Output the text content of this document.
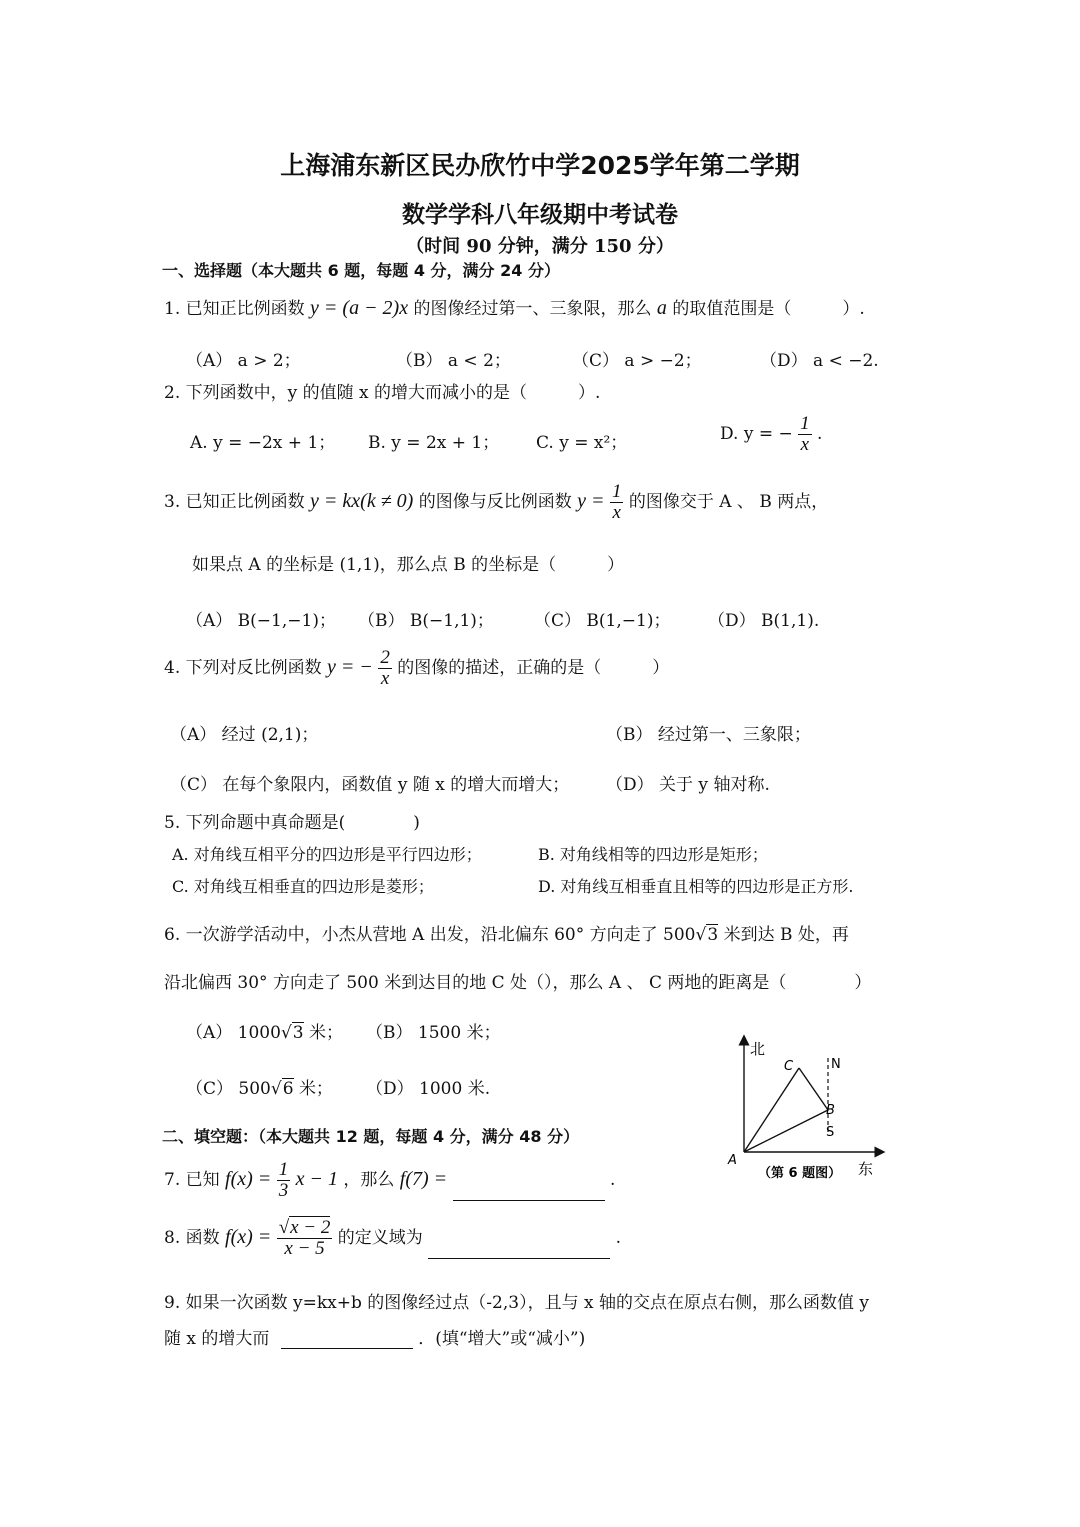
上海浦东新区民办欣竹中学2025学年第二学期
数学学科八年级期中考试卷
（时间 90 分钟，满分 150 分）
一、选择题（本大题共 6 题，每题 4 分，满分 24 分）
1. 已知正比例函数 y = (a − 2)x 的图像经过第一、三象限，那么 a 的取值范围是（　　　）.
（A） a > 2；	（B） a < 2；	（C） a > −2；	（D） a < −2.
2. 下列函数中，y 的值随 x 的增大而减小的是（　　　）.
A. y = −2x + 1； B. y = 2x + 1； C. y = x²；	D. y = − $\frac{1}{x}$ .
3. 已知正比例函数 y = kx(k ≠ 0) 的图像与反比例函数 $y = \frac{1}{x}$ 的图像交于 A 、 B 两点，
如果点 A 的坐标是 (1,1)，那么点 B 的坐标是（　　　）
（A） B(−1,−1)； （B） B(−1,1)； （C） B(1,−1)； （D） B(1,1).
4. 下列对反比例函数 y = − $\frac{2}{x}$ 的图像的描述，正确的是（　　　）
（A） 经过 (2,1)；	（B） 经过第一、三象限；
（C） 在每个象限内，函数值 y 随 x 的增大而增大； （D） 关于 y 轴对称.
5. 下列命题中真命题是(　　　　)
A. 对角线互相平分的四边形是平行四边形；	B. 对角线相等的四边形是矩形；
C. 对角线互相垂直的四边形是菱形；	D. 对角线互相垂直且相等的四边形是正方形.
6. 一次游学活动中，小杰从营地 A 出发，沿北偏东 60° 方向走了 500√3 米到达 B 处，再
沿北偏西 30° 方向走了 500 米到达目的地 C 处（），那么 A 、 C 两地的距离是（　　　　）
（A） 1000√3 米； （B） 1500 米；
（C） 500√6 米； （D） 1000 米.
北
C	N
B
S
A	东
（第 6 题图）
二、填空题：（本大题共 12 题，每题 4 分，满分 48 分）
7. 已知 $f(x) = \frac{1}{3}$ x − 1 ，那么 f(7) =	.
8. 函数 $f(x) = \frac{√x - 2}{x - 5}$ 的定义域为	.
9. 如果一次函数 y=kx+b 的图像经过点（-2,3），且与 x 轴的交点在原点右侧，那么函数值 y
随 x 的增大而	．(填“增大”或“减小”)
